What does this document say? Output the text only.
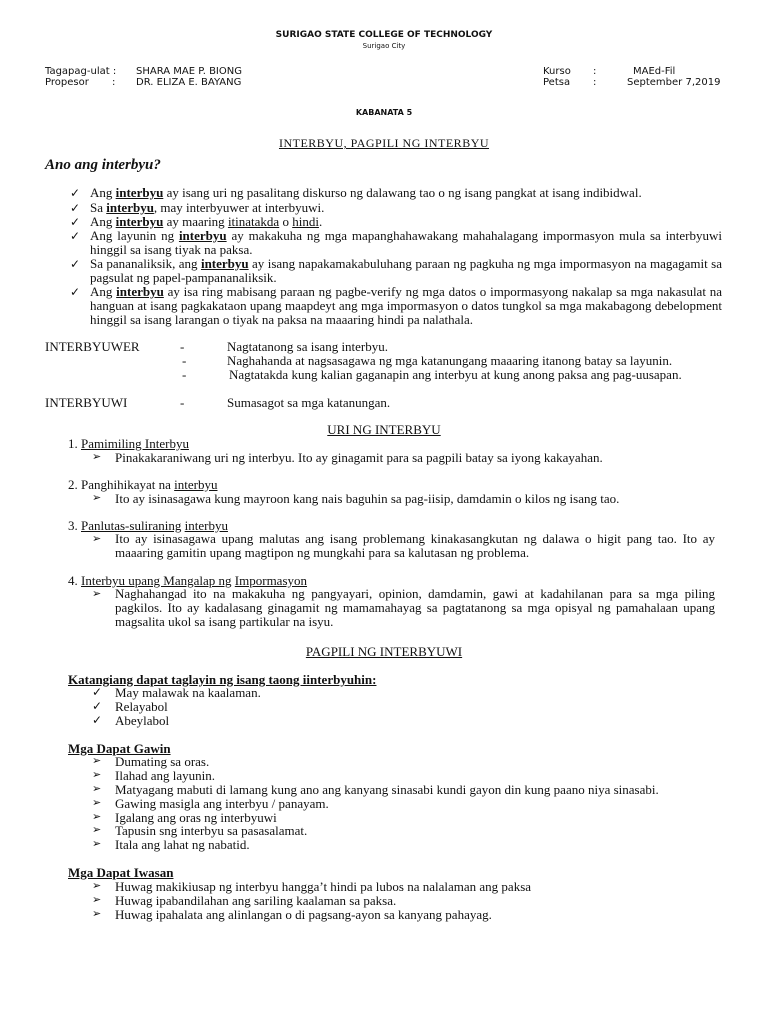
SURIGAO STATE COLLEGE OF TECHNOLOGY
Surigao City
Tagapag-ulat : SHARA MAE P. BIONG
Propesor : DR. ELIZA E. BAYANG
Kurso :	MAEd-Fil
Petsa :	September 7,2019
KABANATA 5
INTERBYU, PAGPILI NG INTERBYU
Ano ang interbyu?
✓ Ang interbyu ay isang uri ng pasalitang diskurso ng dalawang tao o ng isang pangkat at isang indibidwal.
✓ Sa interbyu, may interbyuwer at interbyuwi.
✓ Ang interbyu ay maaring itinatakda o hindi.
✓ Ang layunin ng interbyu ay makakuha ng mga mapanghahawakang mahahalagang impormasyon mula sa interbyuwi hinggil sa isang tiyak na paksa.
✓ Sa pananaliksik, ang interbyu ay isang napakamakabuluhang paraan ng pagkuha ng mga impormasyon na magagamit sa pagsulat ng papel-pampananaliksik.
✓ Ang interbyu ay isa ring mabisang paraan ng pagbe-verify ng mga datos o impormasyong nakalap sa mga nakasulat na hanguan at isang pagkakataon upang maapdeyt ang mga impormasyon o datos tungkol sa mga makabagong debelopment hinggil sa isang larangan o tiyak na paksa na maaaring hindi pa nalathala.
INTERBYUWER	-	Nagtatanong sa isang interbyu.
-	Naghahanda at nagsasagawa ng mga katanungang maaaring itanong batay sa layunin.
-	Nagtatakda kung kalian gaganapin ang interbyu at kung anong paksa ang pag-uusapan.
INTERBYUWI	-	Sumasagot sa mga katanungan.
URI NG INTERBYU
1. Pamimiling Interbyu
➢ Pinakakaraniwang uri ng interbyu. Ito ay ginagamit para sa pagpili batay sa iyong kakayahan.
2. Panghihikayat na interbyu
➢ Ito ay isinasagawa kung mayroon kang nais baguhin sa pag-iisip, damdamin o kilos ng isang tao.
3. Panlutas-suliraning interbyu
➢ Ito ay isinasagawa upang malutas ang isang problemang kinakasangkutan ng dalawa o higit pang tao. Ito ay maaaring gamitin upang magtipon ng mungkahi para sa kalutasan ng problema.
4. Interbyu upang Mangalap ng Impormasyon
➢ Naghahangad ito na makakuha ng pangyayari, opinion, damdamin, gawi at kadahilanan para sa mga piling pagkilos. Ito ay kadalasang ginagamit ng mamamahayag sa pagtatanong sa mga opisyal ng pamahalaan upang magsalita ukol sa isang partikular na isyu.
PAGPILI NG INTERBYUWI
Katangiang dapat taglayin ng isang taong iinterbyuhin:
✓ May malawak na kaalaman.
✓ Relayabol
✓ Abeylabol
Mga Dapat Gawin
➢ Dumating sa oras.
➢ Ilahad ang layunin.
➢ Matyagang mabuti di lamang kung ano ang kanyang sinasabi kundi gayon din kung paano niya sinasabi.
➢ Gawing masigla ang interbyu / panayam.
➢ Igalang ang oras ng interbyuwi
➢ Tapusin sng interbyu sa pasasalamat.
➢ Itala ang lahat ng nabatid.
Mga Dapat Iwasan
➢ Huwag makikiusap ng interbyu hangga’t hindi pa lubos na nalalaman ang paksa
➢ Huwag ipabandilahan ang sariling kaalaman sa paksa.
➢ Huwag ipahalata ang alinlangan o di pagsang-ayon sa kanyang pahayag.
